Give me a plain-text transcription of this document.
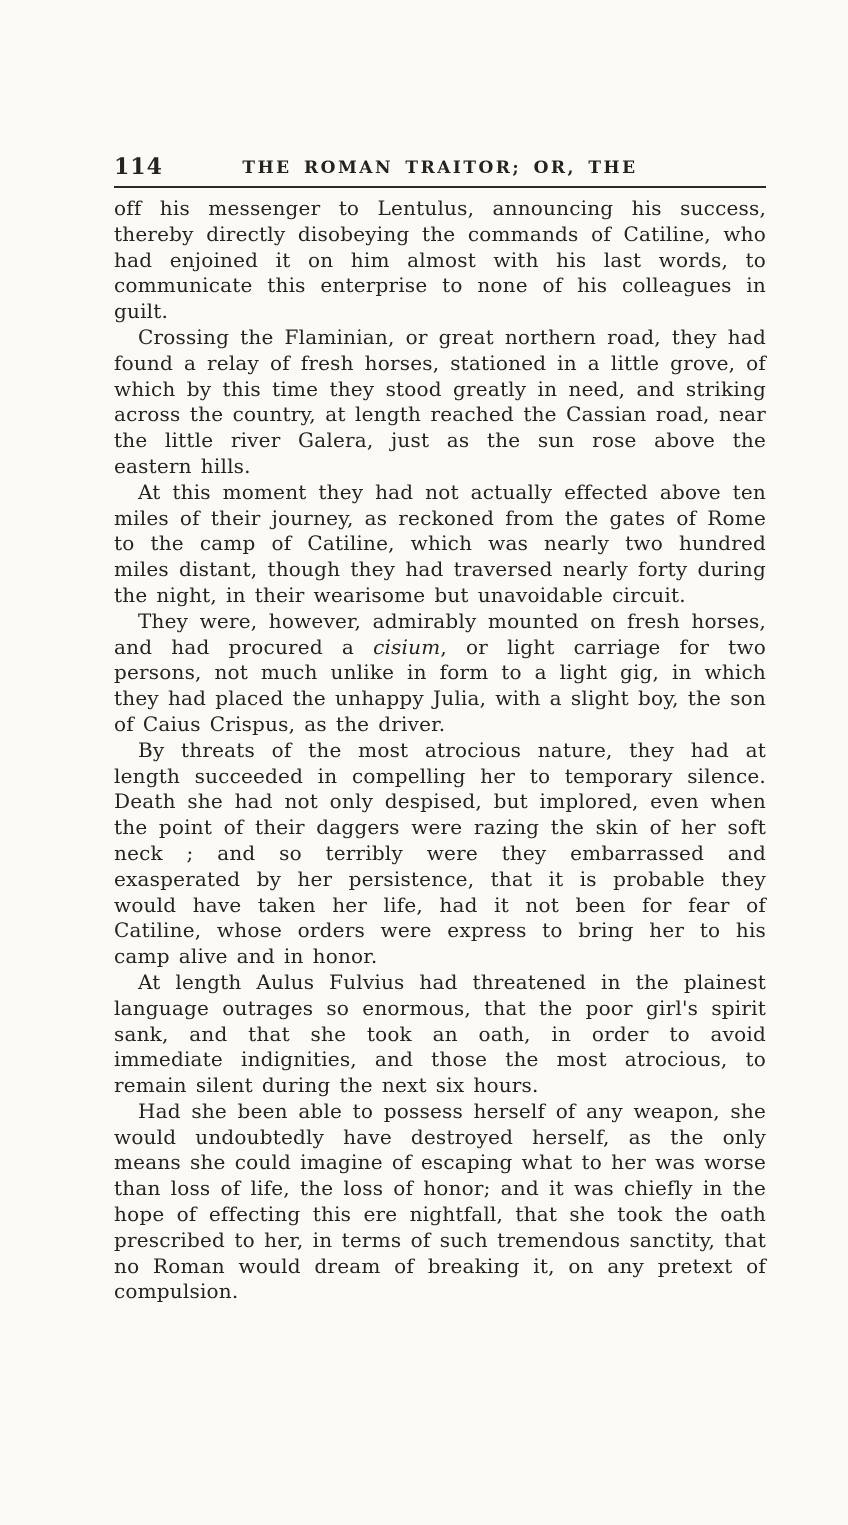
114	THE ROMAN TRAITOR; OR, THE

off his messenger to Lentulus, announcing his success, thereby directly disobeying the commands of Catiline, who had enjoined it on him almost with his last words, to communicate this enterprise to none of his colleagues in guilt.

Crossing the Flaminian, or great northern road, they had found a relay of fresh horses, stationed in a little grove, of which by this time they stood greatly in need, and striking across the country, at length reached the Cassian road, near the little river Galera, just as the sun rose above the eastern hills.

At this moment they had not actually effected above ten miles of their journey, as reckoned from the gates of Rome to the camp of Catiline, which was nearly two hundred miles distant, though they had traversed nearly forty during the night, in their wearisome but unavoidable circuit.

They were, however, admirably mounted on fresh horses, and had procured a cisium, or light carriage for two persons, not much unlike in form to a light gig, in which they had placed the unhappy Julia, with a slight boy, the son of Caius Crispus, as the driver.

By threats of the most atrocious nature, they had at length succeeded in compelling her to temporary silence. Death she had not only despised, but implored, even when the point of their daggers were razing the skin of her soft neck ; and so terribly were they embarrassed and exasperated by her persistence, that it is probable they would have taken her life, had it not been for fear of Catiline, whose orders were express to bring her to his camp alive and in honor.

At length Aulus Fulvius had threatened in the plainest language outrages so enormous, that the poor girl's spirit sank, and that she took an oath, in order to avoid immediate indignities, and those the most atrocious, to remain silent during the next six hours.

Had she been able to possess herself of any weapon, she would undoubtedly have destroyed herself, as the only means she could imagine of escaping what to her was worse than loss of life, the loss of honor; and it was chiefly in the hope of effecting this ere nightfall, that she took the oath prescribed to her, in terms of such tremendous sanctity, that no Roman would dream of breaking it, on any pretext of compulsion.
